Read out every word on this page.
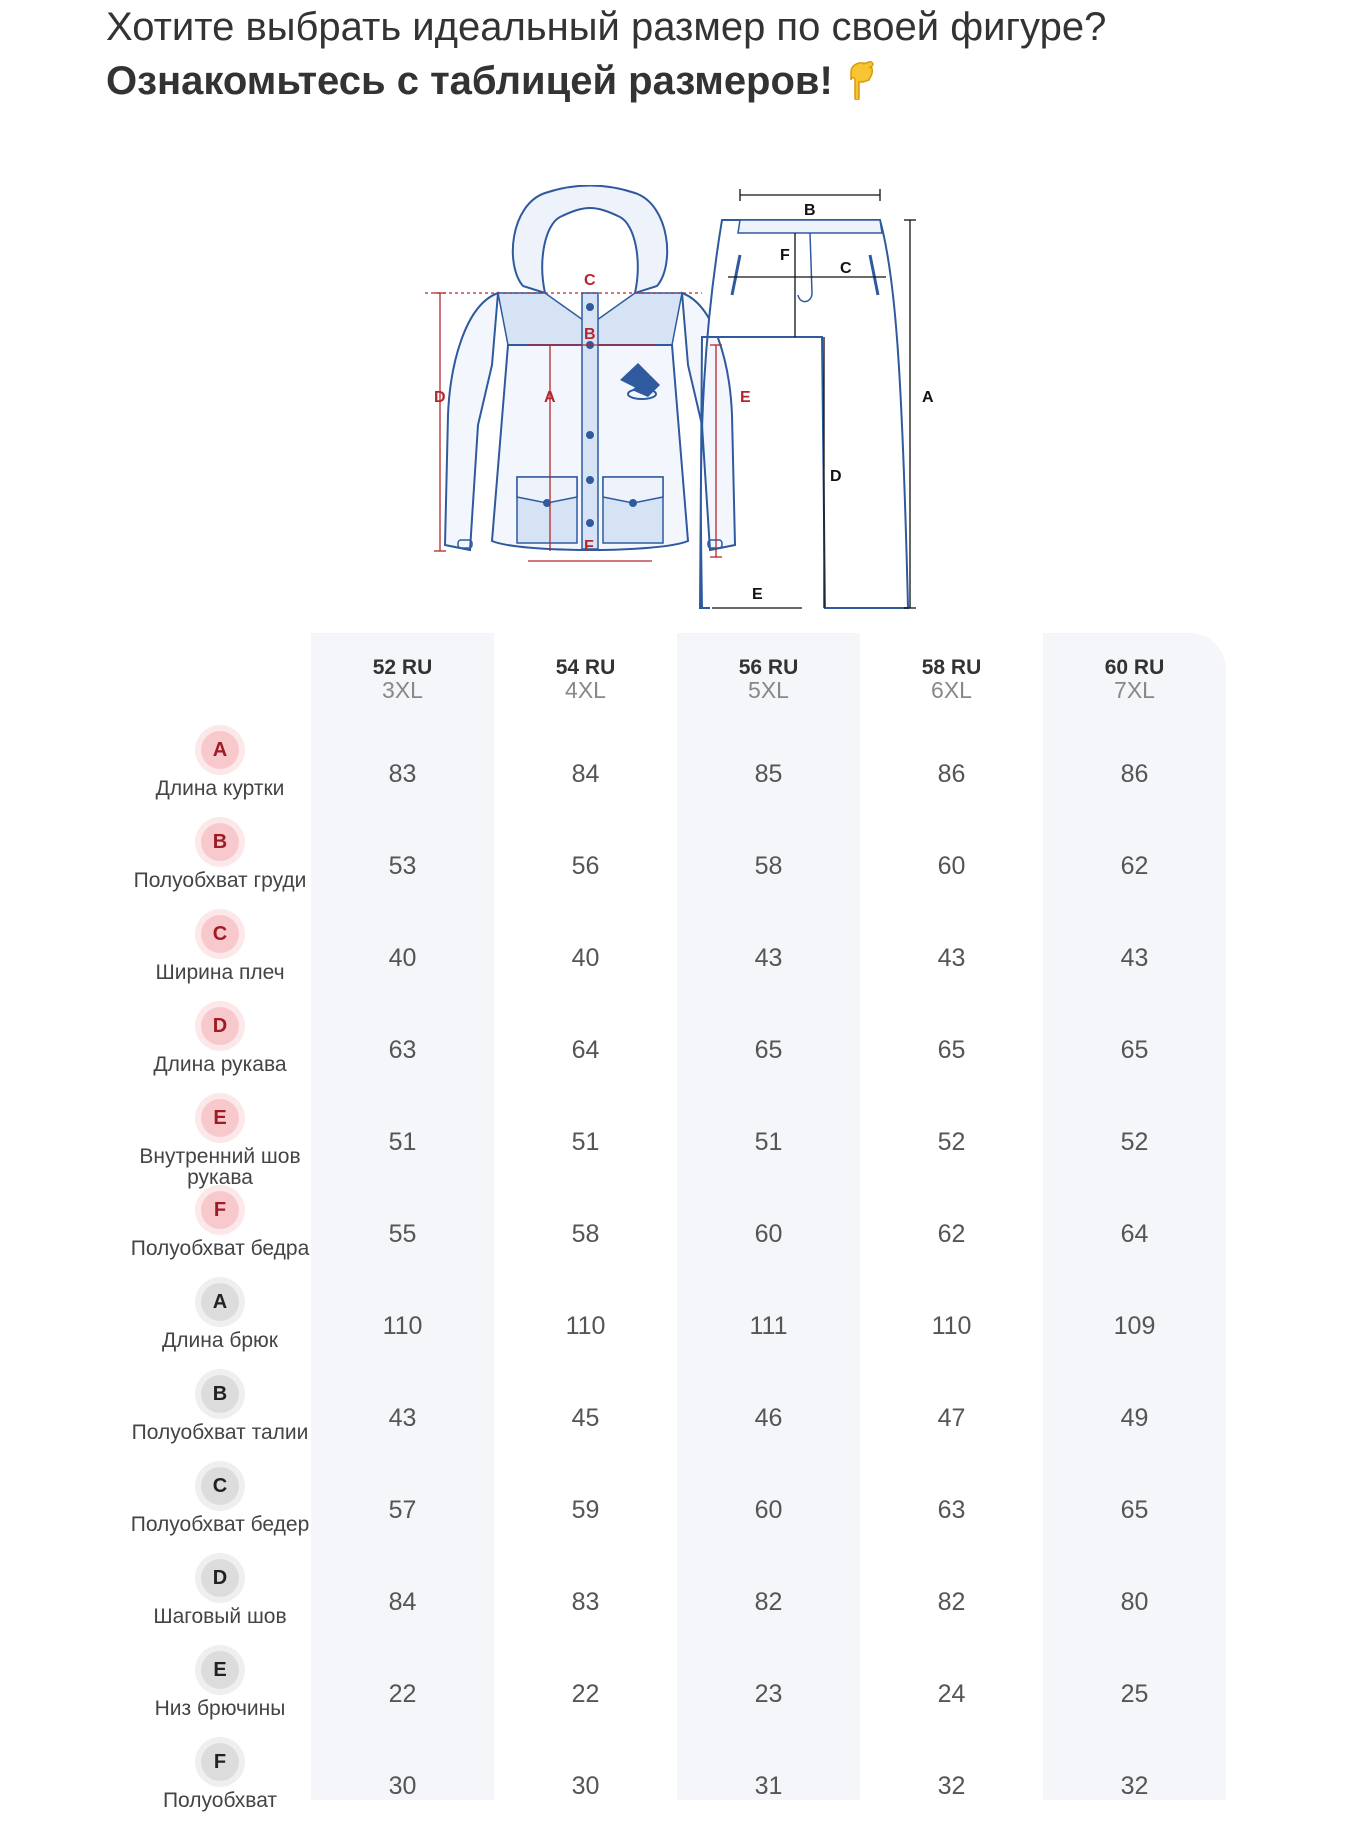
Хотите выбрать идеальный размер по своей фигуре?
Ознакомьтесь с таблицей размеров!
C
B
D	A	E
F
B
F
C
A
D
E
52 RU
3XL
54 RU
4XL
56 RU
5XL
58 RU
6XL
60 RU
7XL
A
Длина куртки
83	84	85	86	86
B
Полуобхват груди
53	56	58	60	62
C
Ширина плеч
40	40	43	43	43
D
Длина рукава
63	64	65	65	65
E
Внутренний шов рукава
51	51	51	52	52
F
Полуобхват бедра
55	58	60	62	64
A
Длина брюк
110	110	111	110	109
B
Полуобхват талии
43	45	46	47	49
C
Полуобхват бедер
57	59	60	63	65
D
Шаговый шов
84	83	82	82	80
E
Низ брючины
22	22	23	24	25
F
Полуобхват
30	30	31	32	32
